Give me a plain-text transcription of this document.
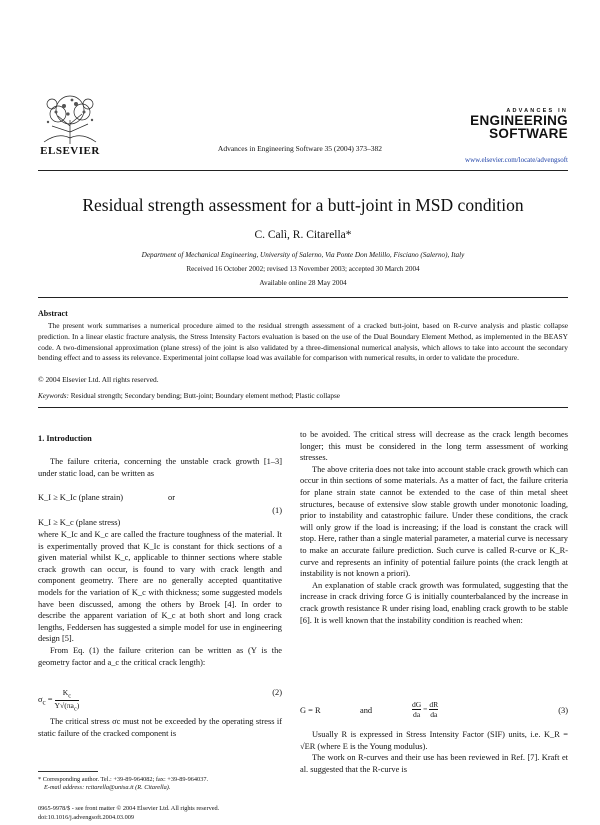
ELSEVIER	Advances in Engineering Software 35 (2004) 373–382
ADVANCES IN
ENGINEERING
SOFTWARE
www.elsevier.com/locate/advengsoft
Residual strength assessment for a butt-joint in MSD condition
C. Calì, R. Citarella*
Department of Mechanical Engineering, University of Salerno, Via Ponte Don Melillo, Fisciano (Salerno), Italy
Received 16 October 2002; revised 13 November 2003; accepted 30 March 2004
Available online 28 May 2004
Abstract
The present work summarises a numerical procedure aimed to the residual strength assessment of a cracked butt-joint, based on R-curve analysis and plastic collapse prediction. In a linear elastic fracture analysis, the Stress Intensity Factors evaluation is based on the use of the Dual Boundary Element Method, as implemented in the BEASY code. A two-dimensional approximation (plane stress) of the joint is also validated by a three-dimensional numerical analysis, which allows to take into account the secondary bending effect and to assess its relevance. Experimental joint collapse load was available for comparison with numerical results, in order to validate the procedure.
© 2004 Elsevier Ltd. All rights reserved.
Keywords: Residual strength; Secondary bending; Butt-joint; Boundary element method; Plastic collapse
1. Introduction

The failure criteria, concerning the unstable crack growth [1–3] under static load, can be written as

K_I ≥ K_Ic (plane strain)	or
K_I ≥ K_c (plane stress)
(1)

where K_Ic and K_c are called the fracture toughness of the material. It is experimentally proved that K_Ic is constant for thick sections of a given material whilst K_c, applicable to thinner sections where stable crack growth can occur, is found to vary with crack length and component geometry. There are no generally accepted quantitative models for the variation of K_c with thickness; some suggested models have been discussed, among the others by Broek [4]. In order to describe the apparent variation of K_c at both short and long crack lengths, Feddersen has suggested a simple model for use in engineering design [5].

From Eq. (1) the failure criterion can be written as (Y is the geometry factor and a_c the critical crack length):

$\sigma_c$ =
$K_c$
$Y√(\pi a_c)$
(2)

The critical stress σc must not be exceeded by the operating stress if static failure of the cracked component is

* Corresponding author. Tel.: +39-89-964082; fax: +39-89-964037.
E-mail address: rcitarella@unisa.it (R. Citarella).
0965-9978/$ - see front matter © 2004 Elsevier Ltd. All rights reserved.
doi:10.1016/j.advengsoft.2004.03.009

to be avoided. The critical stress will decrease as the crack length becomes longer; this must be considered in the long term assessment of working stresses.

The above criteria does not take into account stable crack growth which can occur in thin sections of some materials. As a matter of fact, the failure criteria for plane strain state cannot be extended to the case of thin metal sheet structures, because of extensive slow stable growth under monotonic loading, prior to instability and catastrophic failure. Under these conditions, the crack will only grow if the load is increasing; if the load is constant the crack will stop. Here, rather than a single material parameter, a material curve is necessary to make an accurate failure prediction. Such curve is called R-curve or K_R-curve and represents an infinity of potential failure points (the crack length at instability is not known a priori).

An explanation of stable crack growth was formulated, suggesting that the increase in crack driving force G is initially counterbalanced by the increase in crack growth resistance R under rising load, enabling crack growth to be stable [6]. It is well known that the instability condition is reached when:

G = R	and	$\frac{dG}{da} = \frac{dR}{da}$	(3)

Usually R is expressed in Stress Intensity Factor (SIF) units, i.e. K_R = √ER (where E is the Young modulus).

The work on R-curves and their use has been reviewed in Ref. [7]. Kraft et al. suggested that the R-curve is
